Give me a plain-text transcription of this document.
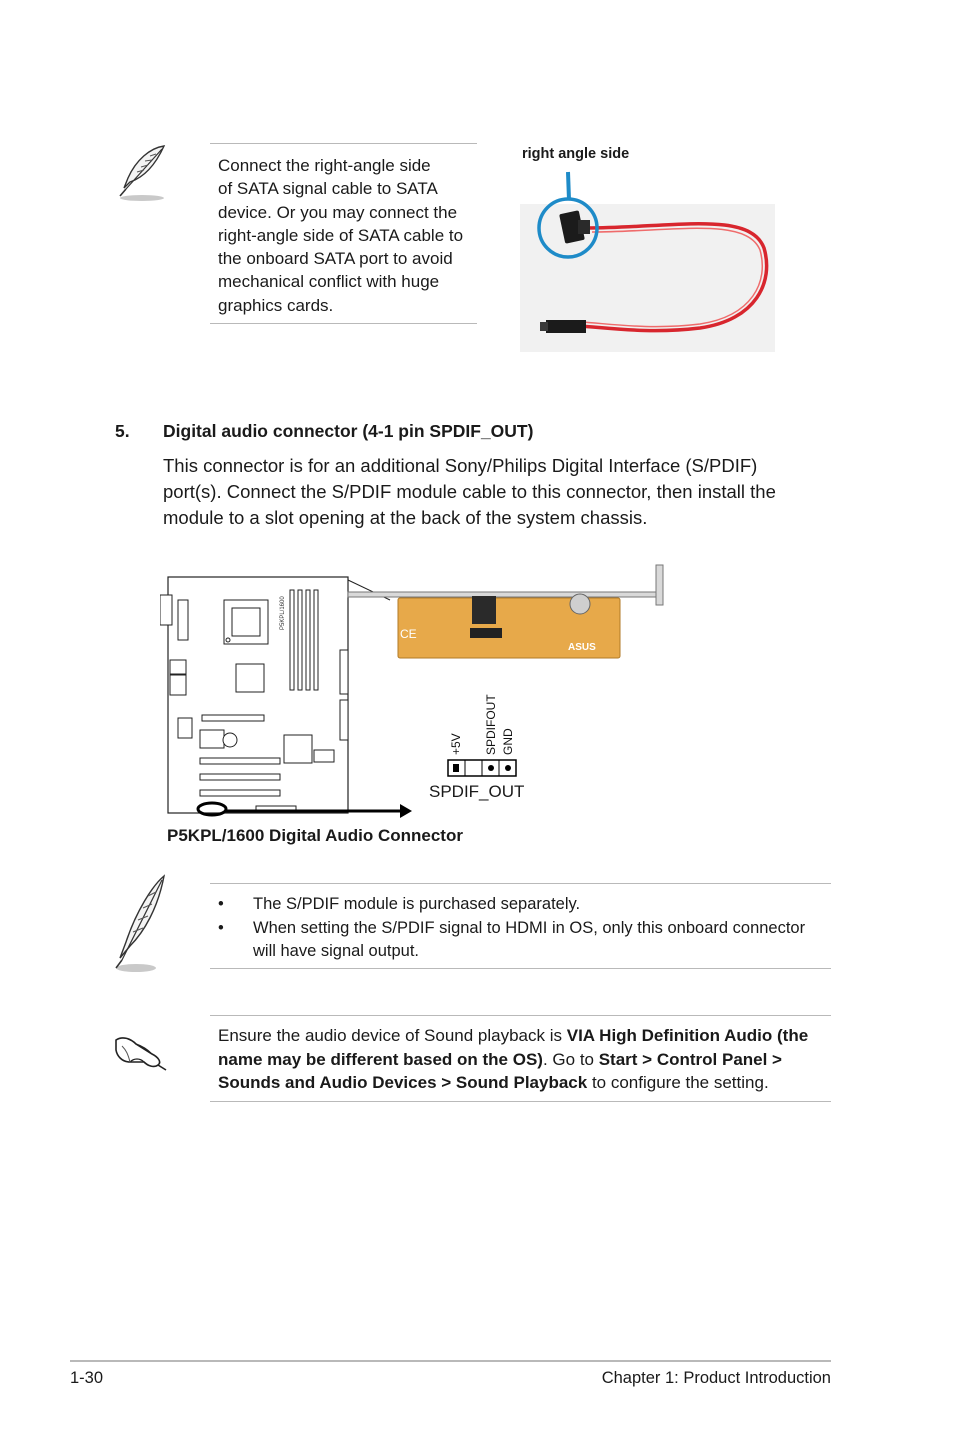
Connect the right-angle side
of SATA signal cable to SATA
device. Or you may connect the
right-angle side of SATA cable to
the onboard SATA port to avoid
mechanical conflict with huge
graphics cards.
right angle side
5. Digital audio connector (4-1 pin SPDIF_OUT)
This connector is for an additional Sony/Philips Digital Interface (S/PDIF)
port(s). Connect the S/PDIF module cable to this connector, then install the
module to a slot opening at the back of the system chassis.
P5KPL/1600
CE
ASUS
+5V SPDIFOUT GND
SPDIF_OUT
P5KPL/1600 Digital Audio Connector
• The S/PDIF module is purchased separately.
• When setting the S/PDIF signal to HDMI in OS, only this onboard connector
will have signal output.
Ensure the audio device of Sound playback is VIA High Definition Audio (the
name may be different based on the OS). Go to Start > Control Panel >
Sounds and Audio Devices > Sound Playback to configure the setting.
1-30	Chapter 1: Product Introduction
